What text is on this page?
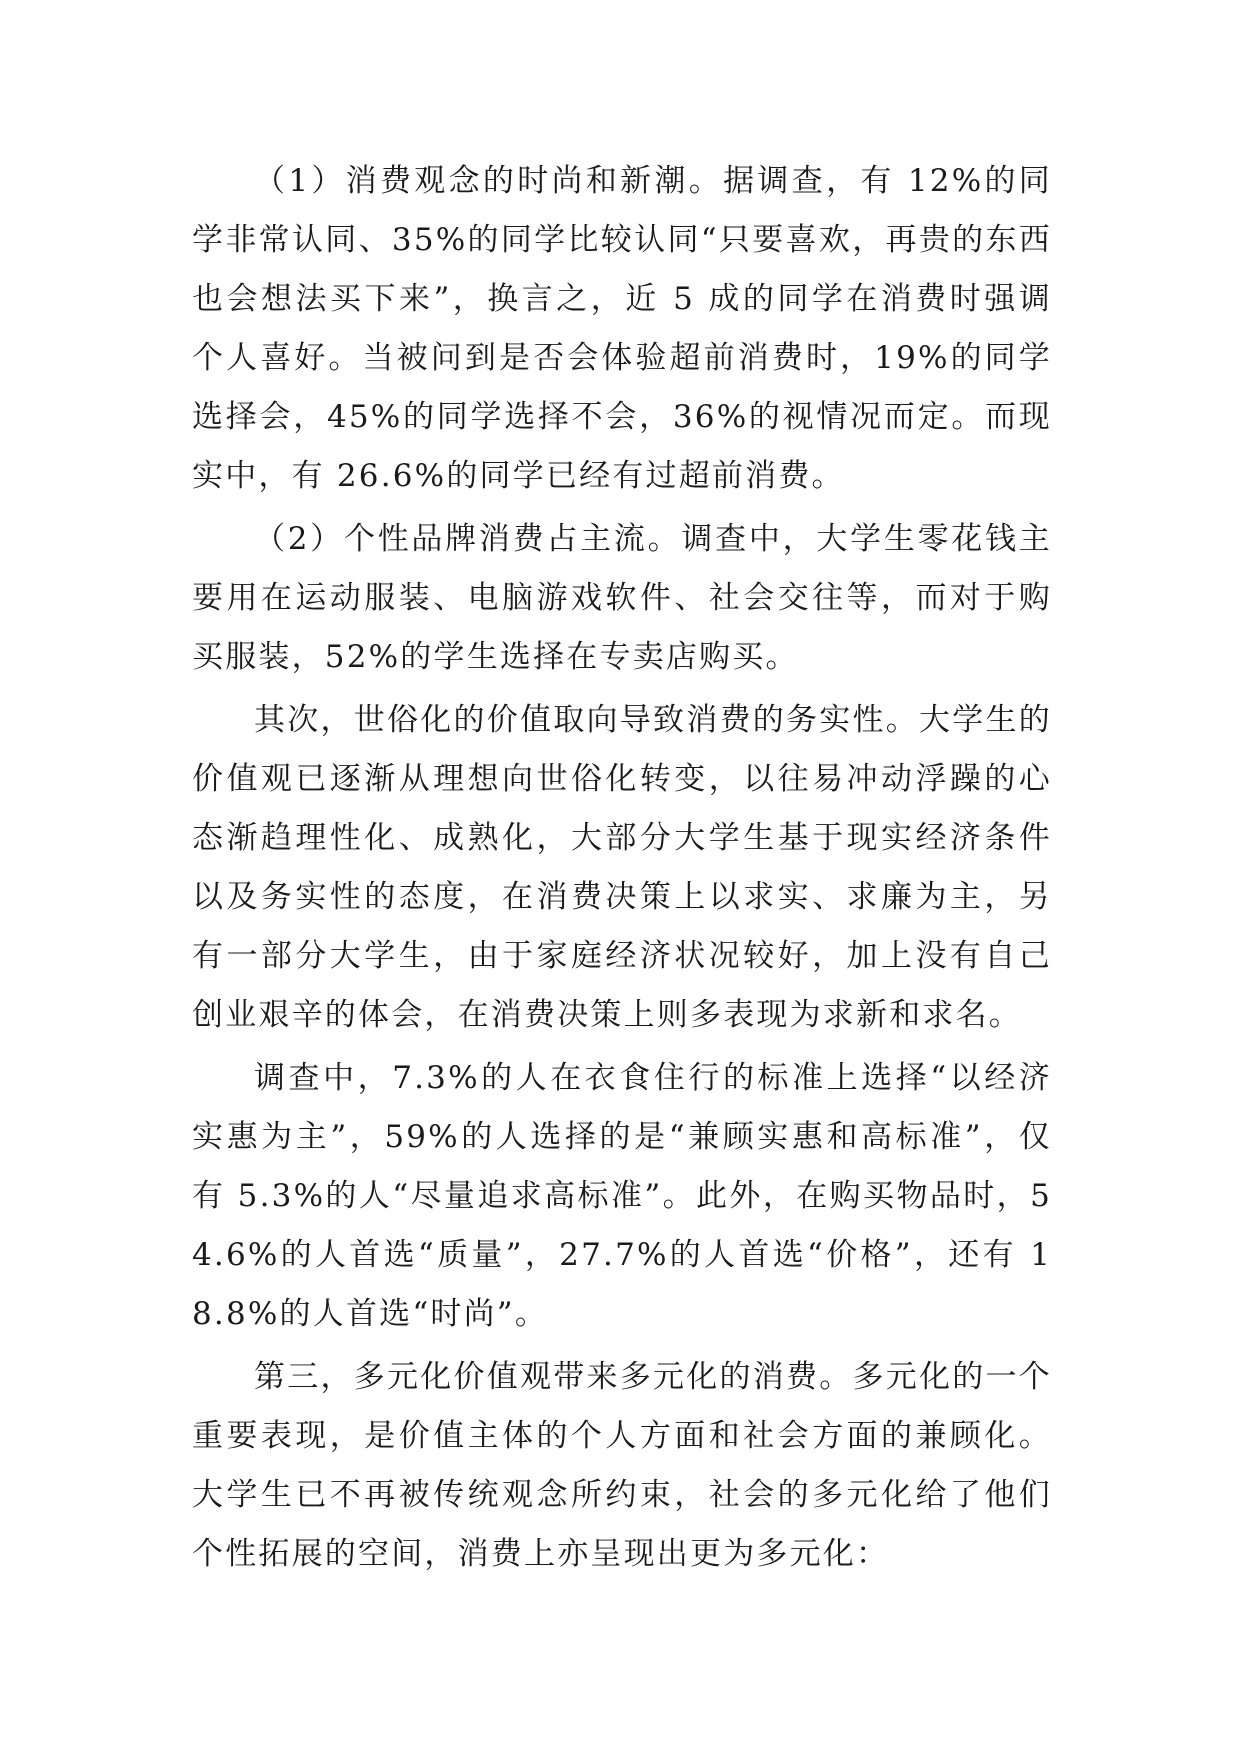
（1）消费观念的时尚和新潮。据调查，有 12%的同学非常认同、35%的同学比较认同“只要喜欢，再贵的东西也会想法买下来”，换言之，近 5 成的同学在消费时强调个人喜好。当被问到是否会体验超前消费时，19%的同学选择会，45%的同学选择不会，36%的视情况而定。而现实中，有 26.6%的同学已经有过超前消费。

（2）个性品牌消费占主流。调查中，大学生零花钱主要用在运动服装、电脑游戏软件、社会交往等，而对于购买服装，52%的学生选择在专卖店购买。

其次，世俗化的价值取向导致消费的务实性。大学生的价值观已逐渐从理想向世俗化转变，以往易冲动浮躁的心态渐趋理性化、成熟化，大部分大学生基于现实经济条件以及务实性的态度，在消费决策上以求实、求廉为主，另有一部分大学生，由于家庭经济状况较好，加上没有自己创业艰辛的体会，在消费决策上则多表现为求新和求名。

调查中，7.3%的人在衣食住行的标准上选择“以经济实惠为主”，59%的人选择的是“兼顾实惠和高标准”，仅有 5.3%的人“尽量追求高标准”。此外，在购买物品时，54.6%的人首选“质量”，27.7%的人首选“价格”，还有 18.8%的人首选“时尚”。

第三，多元化价值观带来多元化的消费。多元化的一个重要表现，是价值主体的个人方面和社会方面的兼顾化。大学生已不再被传统观念所约束，社会的多元化给了他们个性拓展的空间，消费上亦呈现出更为多元化：
